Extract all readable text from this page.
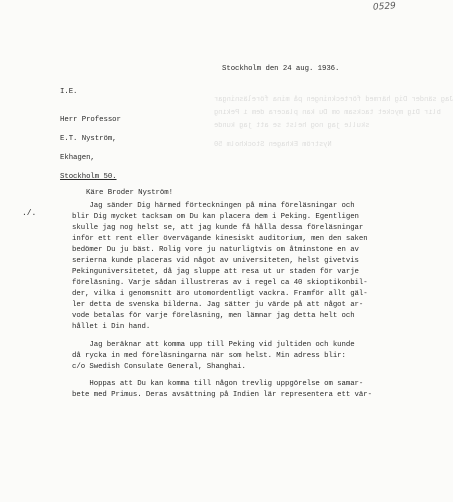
0529
Jag sänder Dig härmed förteckningen på mina föreläsningar
blir Dig mycket tacksam om Du kan placera dem i Peking
skulle jag nog helst se att jag kunde
Nyström Ekhagen Stockholm 50
Stockholm den 24 aug. 1936.
I.E.
Herr Professor
E.T. Nyström,
Ekhagen,
Stockholm 50.
Käre Broder Nyström!
./.
Jag sänder Dig härmed förteckningen på mina föreläsningar och
blir Dig mycket tacksam om Du kan placera dem i Peking. Egentligen
skulle jag nog helst se, att jag kunde få hålla dessa föreläsningar
inför ett rent eller övervägande kinesiskt auditorium, men den saken
bedömer Du ju bäst. Rolig vore ju naturligtvis om åtminstone en av
serierna kunde placeras vid något av universiteten, helst givetvis
Pekinguniversitetet, då jag sluppe att resa ut ur staden för varje
föreläsning. Varje sådan illustreras av i regel ca 40 skioptikonbil-
der, vilka i genomsnitt äro utomordentligt vackra. Framför allt gäl-
ler detta de svenska bilderna. Jag sätter ju värde på att något ar-
vode betalas för varje föreläsning, men lämnar jag detta helt och
hållet i Din hand.
Jag beräknar att komma upp till Peking vid jultiden och kunde
då rycka in med föreläsningarna när som helst. Min adress blir:
c/o Swedish Consulate General, Shanghai.
Hoppas att Du kan komma till någon trevlig uppgörelse om samar-
bete med Primus. Deras avsättning på Indien lär representera ett vär-
